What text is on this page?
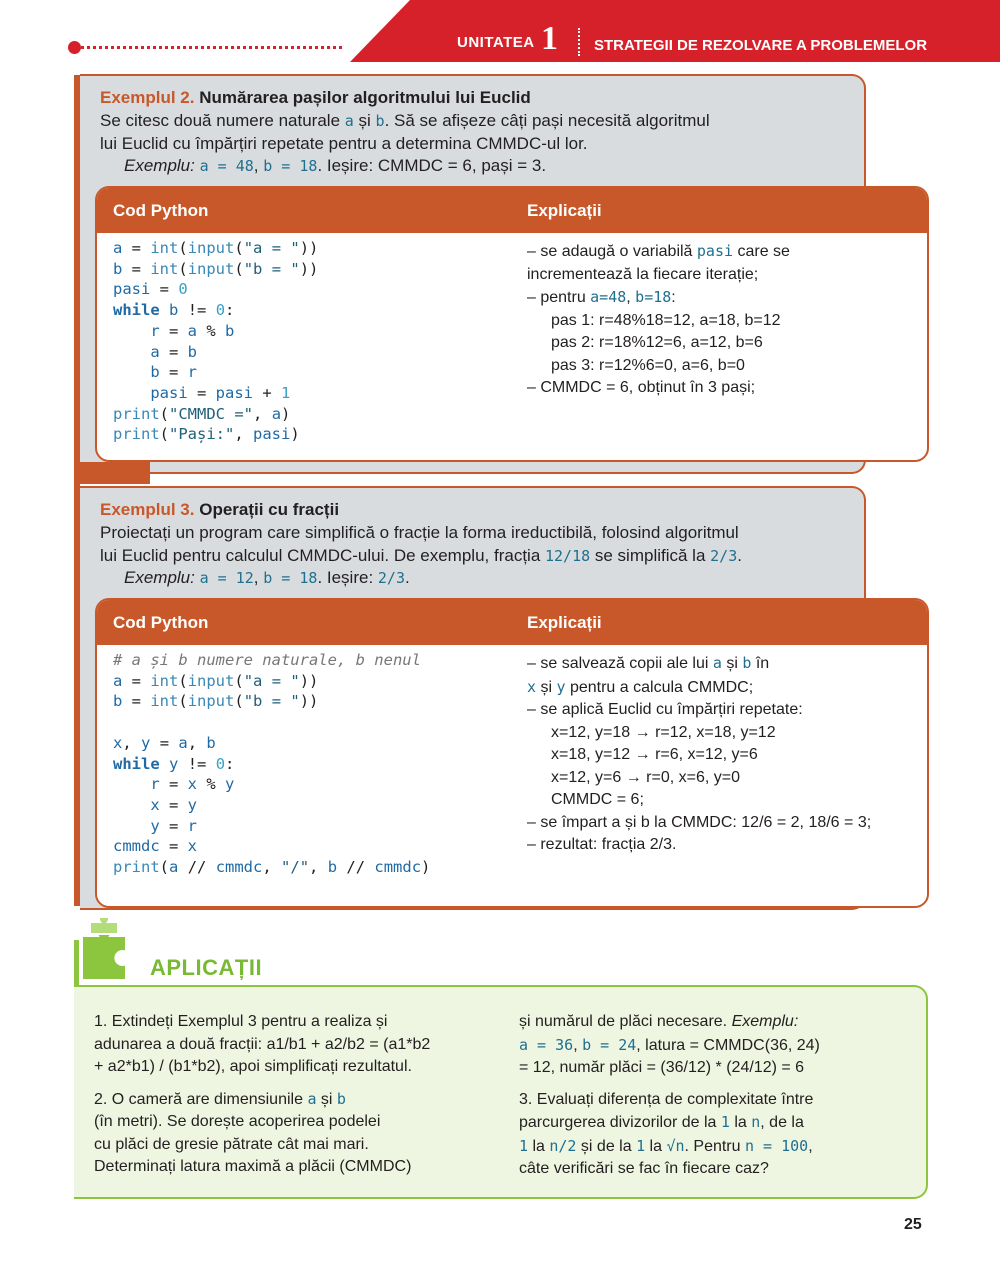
UNITATEA 1 STRATEGII DE REZOLVARE A PROBLEMELOR
Exemplul 2. Numărarea pașilor algoritmului lui Euclid
Se citesc două numere naturale a și b. Să se afișeze câți pași necesită algoritmul
lui Euclid cu împărțiri repetate pentru a determina CMMDC-ul lor.
Exemplu: a = 48, b = 18. Ieșire: CMMDC = 6, pași = 3.
Cod Python	Explicații
a = int(input("a = "))
b = int(input("b = "))
pasi = 0
while b != 0:
r = a % b
a = b
b = r
pasi = pasi + 1
print("CMMDC =", a)
print("Pași:", pasi)
– se adaugă o variabilă pasi care se
incrementează la fiecare iterație;
– pentru a=48, b=18:
pas 1: r=48%18=12, a=18, b=12
pas 2: r=18%12=6, a=12, b=6
pas 3: r=12%6=0, a=6, b=0
– CMMDC = 6, obținut în 3 pași;
Exemplul 3. Operații cu fracții
Proiectați un program care simplifică o fracție la forma ireductibilă, folosind algoritmul
lui Euclid pentru calculul CMMDC-ului. De exemplu, fracția 12/18 se simplifică la 2/3.
Exemplu: a = 12, b = 18. Ieșire: 2/3.
Cod Python	Explicații
# a și b numere naturale, b nenul
a = int(input("a = "))
b = int(input("b = "))

x, y = a, b
while y != 0:
r = x % y
x = y
y = r
cmmdc = x
print(a // cmmdc, "/", b // cmmdc)
– se salvează copii ale lui a și b în
x și y pentru a calcula CMMDC;
– se aplică Euclid cu împărțiri repetate:
x=12, y=18 → r=12, x=18, y=12
x=18, y=12 → r=6, x=12, y=6
x=12, y=6 → r=0, x=6, y=0
CMMDC = 6;
– se împart a și b la CMMDC: 12/6 = 2, 18/6 = 3;
– rezultat: fracția 2/3.
APLICAȚII
1. Extindeți Exemplul 3 pentru a realiza și
adunarea a două fracții: a1/b1 + a2/b2 = (a1*b2
+ a2*b1) / (b1*b2), apoi simplificați rezultatul.
2. O cameră are dimensiunile a și b
(în metri). Se dorește acoperirea podelei
cu plăci de gresie pătrate cât mai mari.
Determinați latura maximă a plăcii (CMMDC)
și numărul de plăci necesare. Exemplu:
a = 36, b = 24, latura = CMMDC(36, 24)
= 12, număr plăci = (36/12) * (24/12) = 6
3. Evaluați diferența de complexitate între
parcurgerea divizorilor de la 1 la n, de la
1 la n/2 și de la 1 la √n. Pentru n = 100,
câte verificări se fac în fiecare caz?
25
